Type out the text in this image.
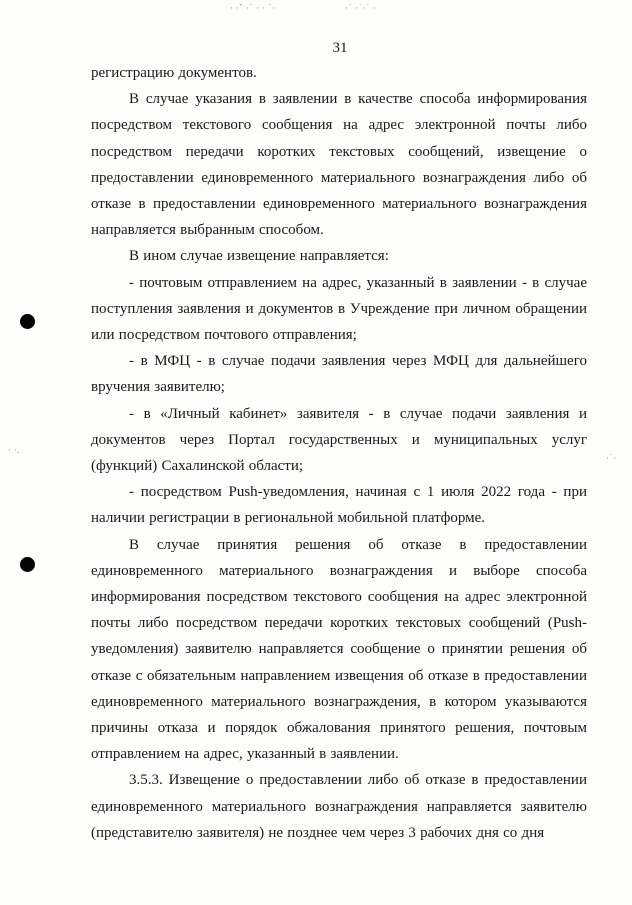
· ·ˇ ·˙ · · ˙·	·˙ ·˙·˙ ·
· ·.
·˙·
31

регистрацию документов.

В случае указания в заявлении в качестве способа информирования посредством текстового сообщения на адрес электронной почты либо посредством передачи коротких текстовых сообщений, извещение о предоставлении единовременного материального вознаграждения либо об отказе в предоставлении единовременного материального вознаграждения направляется выбранным способом.

В ином случае извещение направляется:

- почтовым отправлением на адрес, указанный в заявлении - в случае поступления заявления и документов в Учреждение при личном обращении или посредством почтового отправления;

- в МФЦ - в случае подачи заявления через МФЦ для дальнейшего вручения заявителю;

- в «Личный кабинет» заявителя - в случае подачи заявления и документов через Портал государственных и муниципальных услуг (функций) Сахалинской области;

- посредством Push-уведомления, начиная с 1 июля 2022 года - при наличии регистрации в региональной мобильной платформе.

В случае принятия решения об отказе в предоставлении единовременного материального вознаграждения и выборе способа информирования посредством текстового сообщения на адрес электронной почты либо посредством передачи коротких текстовых сообщений (Push-уведомления) заявителю направляется сообщение о принятии решения об отказе с обязательным направлением извещения об отказе в предоставлении единовременного материального вознаграждения, в котором указываются причины отказа и порядок обжалования принятого решения, почтовым отправлением на адрес, указанный в заявлении.

3.5.3. Извещение о предоставлении либо об отказе в предоставлении единовременного материального вознаграждения направляется заявителю (представителю заявителя) не позднее чем через 3 рабочих дня со дня
